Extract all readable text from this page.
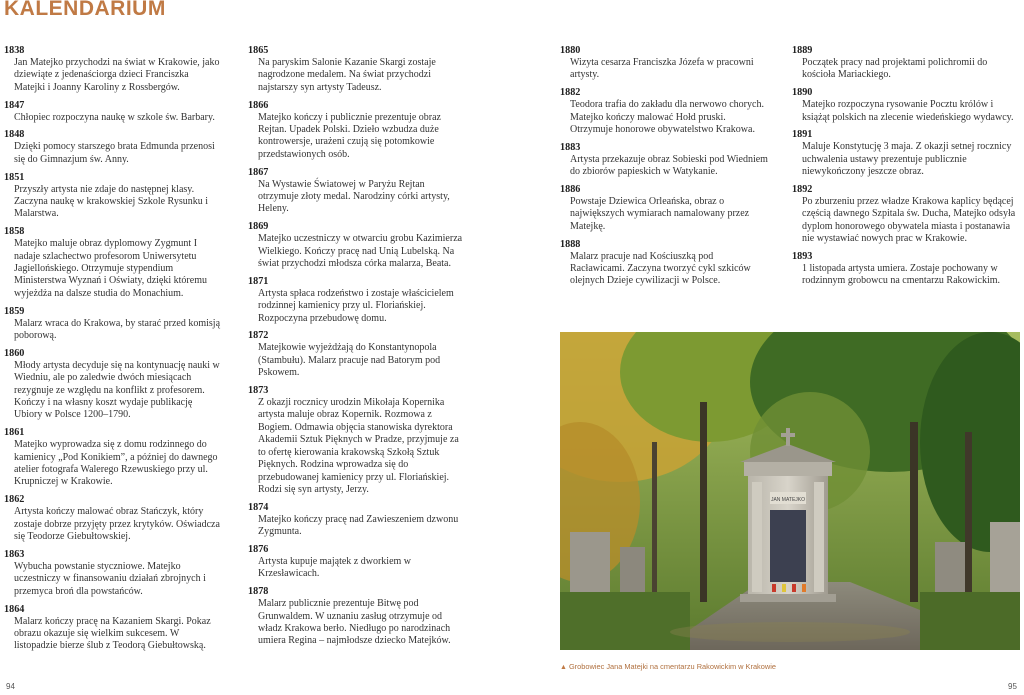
KALENDARIUM
1838
Jan Matejko przychodzi na świat w Krakowie, jako dziewiąte z jedenaściorga dzieci Franciszka Matejki i Joanny Karoliny z Rossbergów.
1847
Chłopiec rozpoczyna naukę w szkole św. Barbary.
1848
Dzięki pomocy starszego brata Edmunda przenosi się do Gimnazjum św. Anny.
1851
Przyszły artysta nie zdaje do następnej klasy. Zaczyna naukę w krakowskiej Szkole Rysunku i Malarstwa.
1858
Matejko maluje obraz dyplomowy Zygmunt I nadaje szlachectwo profesorom Uniwersytetu Jagiellońskiego. Otrzymuje stypendium Ministerstwa Wyznań i Oświaty, dzięki któremu wyjeżdża na dalsze studia do Monachium.
1859
Malarz wraca do Krakowa, by starać przed komisją poborową.
1860
Młody artysta decyduje się na kontynuację nauki w Wiedniu, ale po zaledwie dwóch miesiącach rezygnuje ze względu na konflikt z profesorem. Kończy i na własny koszt wydaje publikację Ubiory w Polsce 1200–1790.
1861
Matejko wyprowadza się z domu rodzinnego do kamienicy „Pod Konikiem”, a później do dawnego atelier fotografa Walerego Rzewuskiego przy ul. Krupniczej w Krakowie.
1862
Artysta kończy malować obraz Stańczyk, który zostaje dobrze przyjęty przez krytyków. Oświadcza się Teodorze Giebułtowskiej.
1863
Wybucha powstanie styczniowe. Matejko uczestniczy w finansowaniu działań zbrojnych i przemyca broń dla powstańców.
1864
Malarz kończy pracę na Kazaniem Skargi. Pokaz obrazu okazuje się wielkim sukcesem. W listopadzie bierze ślub z Teodorą Giebułtowską.
1865
Na paryskim Salonie Kazanie Skargi zostaje nagrodzone medalem. Na świat przychodzi najstarszy syn artysty Tadeusz.
1866
Matejko kończy i publicznie prezentuje obraz Rejtan. Upadek Polski. Dzieło wzbudza duże kontrowersje, urażeni czują się potomkowie przedstawionych osób.
1867
Na Wystawie Światowej w Paryżu Rejtan otrzymuje złoty medal. Narodziny córki artysty, Heleny.
1869
Matejko uczestniczy w otwarciu grobu Kazimierza Wielkiego. Kończy pracę nad Unią Lubelską. Na świat przychodzi młodsza córka malarza, Beata.
1871
Artysta spłaca rodzeństwo i zostaje właścicielem rodzinnej kamienicy przy ul. Floriańskiej. Rozpoczyna przebudowę domu.
1872
Matejkowie wyjeżdżają do Konstantynopola (Stambułu). Malarz pracuje nad Batorym pod Pskowem.
1873
Z okazji rocznicy urodzin Mikołaja Kopernika artysta maluje obraz Kopernik. Rozmowa z Bogiem. Odmawia objęcia stanowiska dyrektora Akademii Sztuk Pięknych w Pradze, przyjmuje za to ofertę kierowania krakowską Szkołą Sztuk Pięknych. Rodzina wprowadza się do przebudowanej kamienicy przy ul. Floriańskiej. Rodzi się syn artysty, Jerzy.
1874
Matejko kończy pracę nad Zawieszeniem dzwonu Zygmunta.
1876
Artysta kupuje majątek z dworkiem w Krzesławicach.
1878
Malarz publicznie prezentuje Bitwę pod Grunwaldem. W uznaniu zasług otrzymuje od władz Krakowa berło. Niedługo po narodzinach umiera Regina – najmłodsze dziecko Matejków.
1880
Wizyta cesarza Franciszka Józefa w pracowni artysty.
1882
Teodora trafia do zakładu dla nerwowo chorych. Matejko kończy malować Hołd pruski. Otrzymuje honorowe obywatelstwo Krakowa.
1883
Artysta przekazuje obraz Sobieski pod Wiedniem do zbiorów papieskich w Watykanie.
1886
Powstaje Dziewica Orleańska, obraz o największych wymiarach namalowany przez Matejkę.
1888
Malarz pracuje nad Kościuszką pod Racławicami. Zaczyna tworzyć cykl szkiców olejnych Dzieje cywilizacji w Polsce.
1889
Początek pracy nad projektami polichromii do kościoła Mariackiego.
1890
Matejko rozpoczyna rysowanie Pocztu królów i książąt polskich na zlecenie wiedeńskiego wydawcy.
1891
Maluje Konstytucję 3 maja. Z okazji setnej rocznicy uchwalenia ustawy prezentuje publicznie niewykończony jeszcze obraz.
1892
Po zburzeniu przez władze Krakowa kaplicy będącej częścią dawnego Szpitala św. Ducha, Matejko odsyła dyplom honorowego obywatela miasta i postanawia nie wystawiać nowych prac w Krakowie.
1893
1 listopada artysta umiera. Zostaje pochowany w rodzinnym grobowcu na cmentarzu Rakowickim.
JAN MATEJKO
▲ Grobowiec Jana Matejki na cmentarzu Rakowickim w Krakowie
94	95
